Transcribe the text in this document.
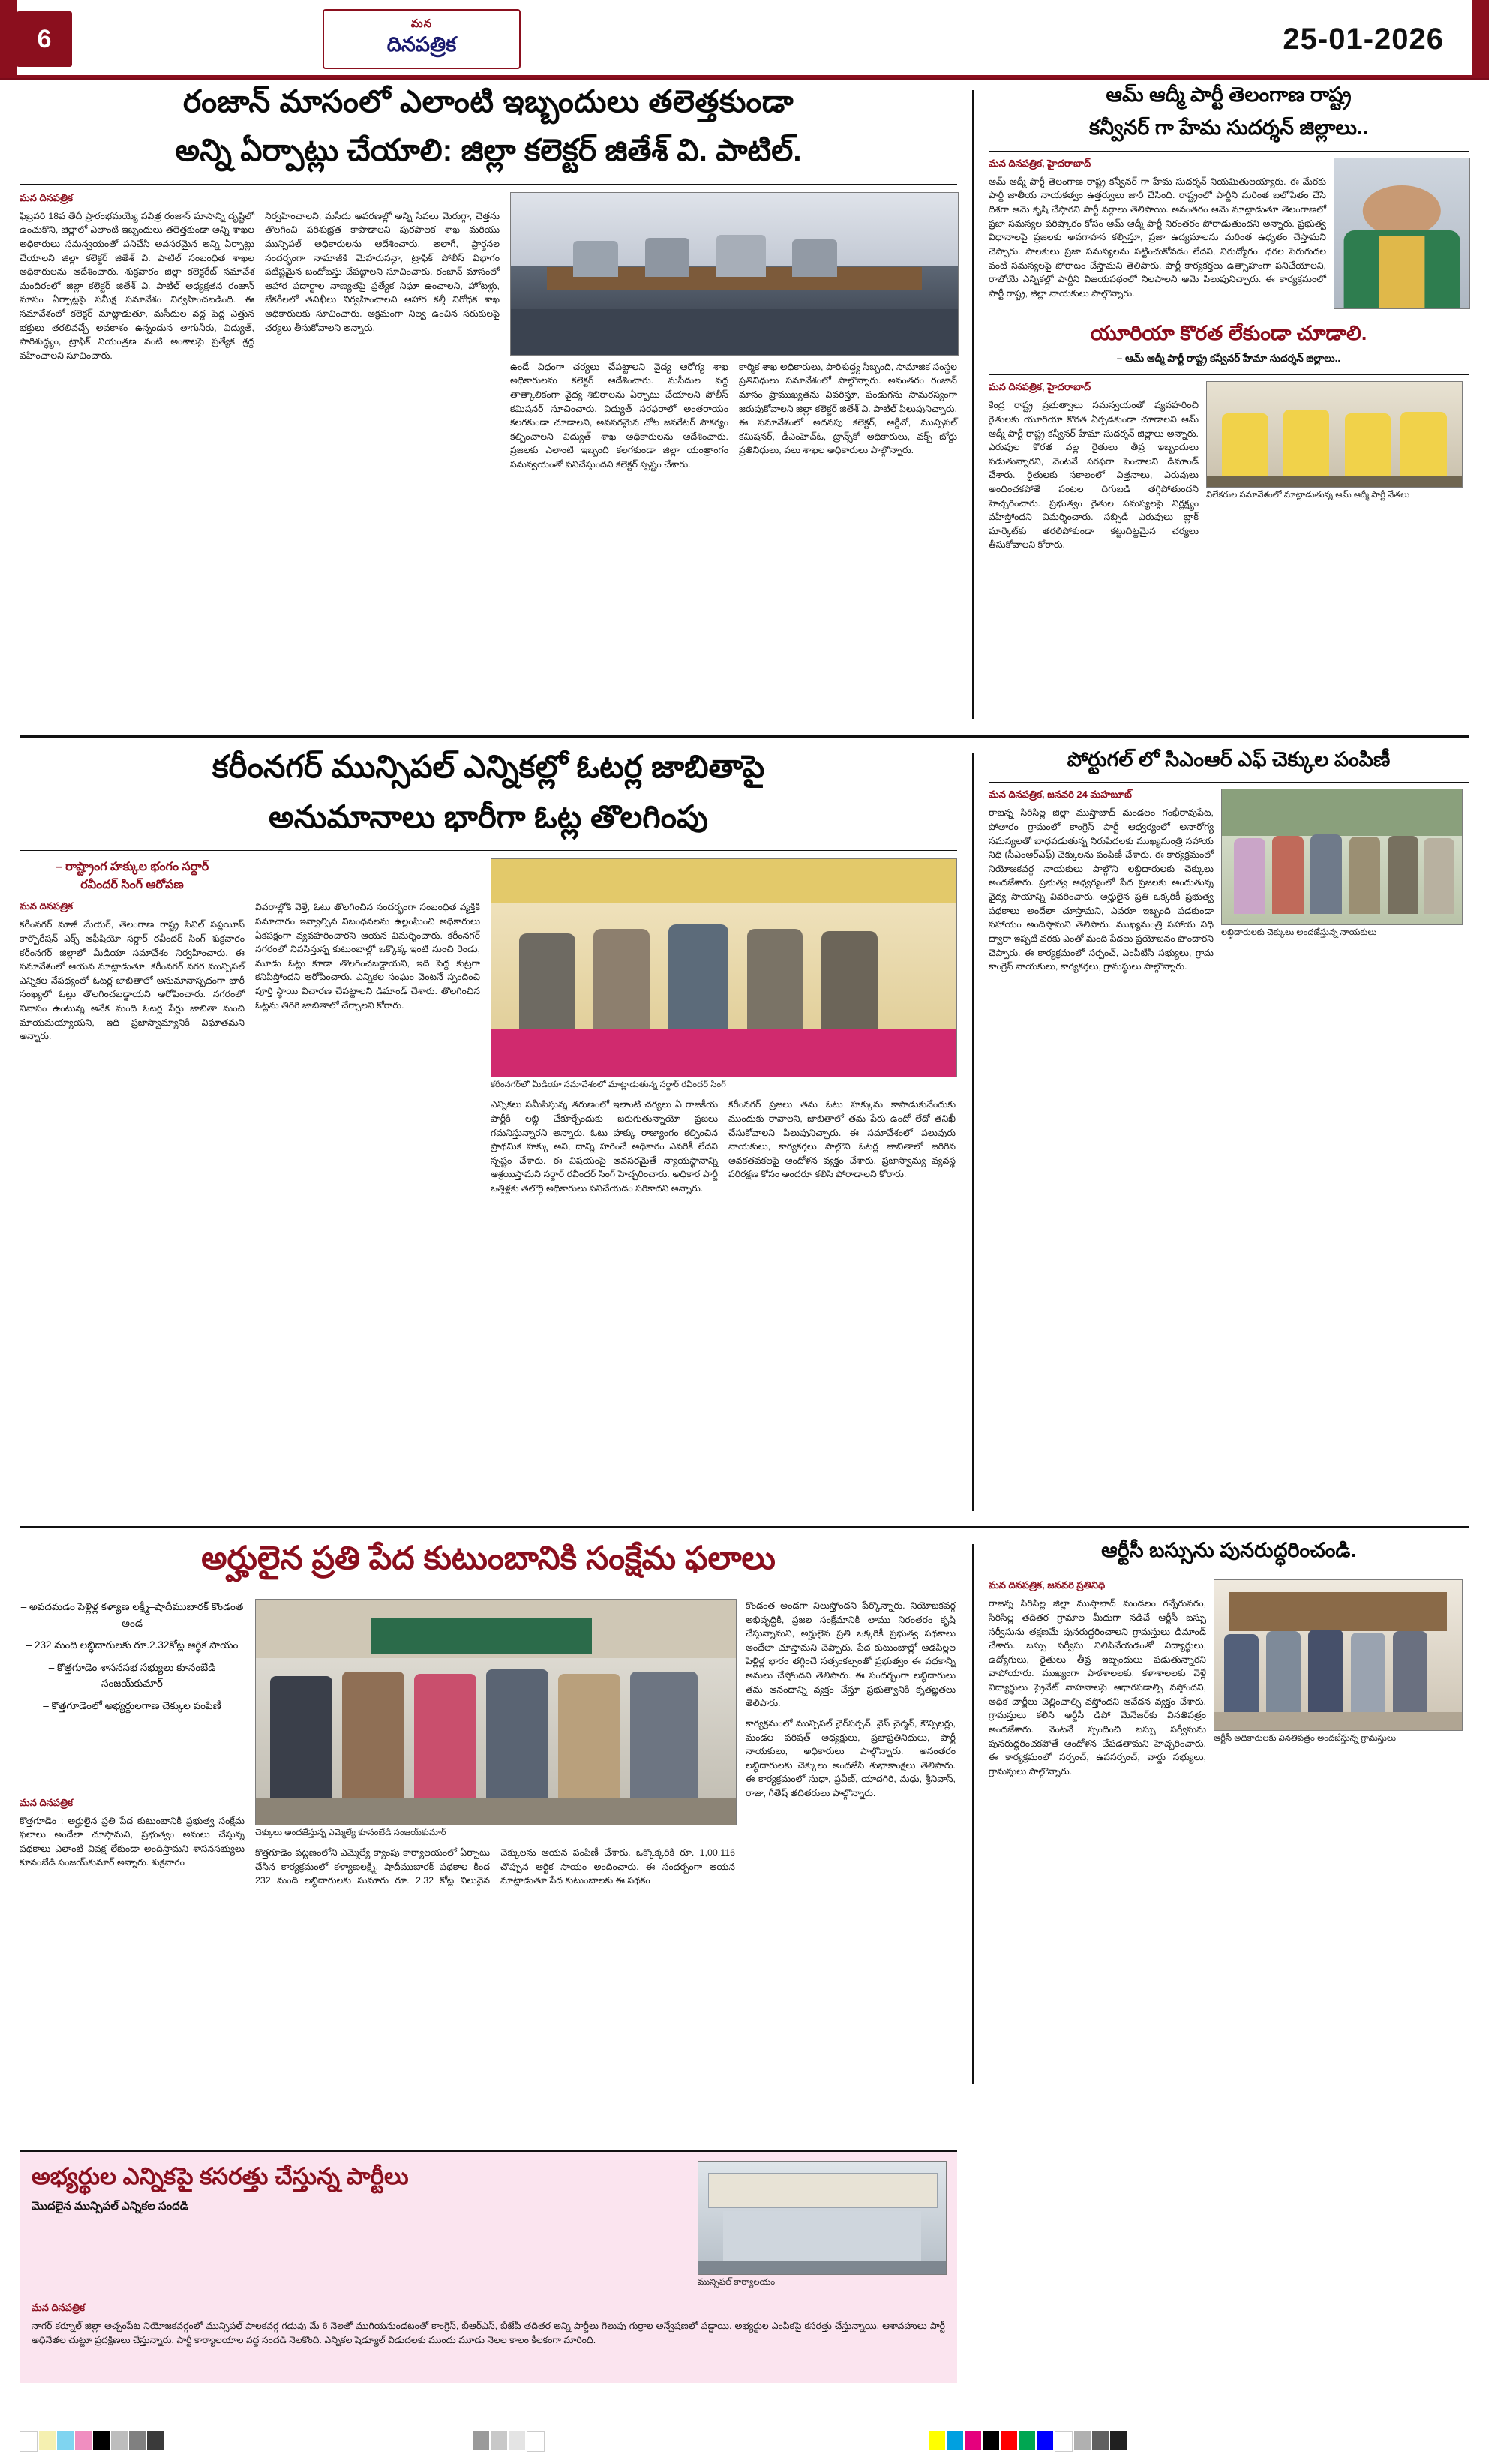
6
మన
దినపత్రిక	25-01-2026
రంజాన్ మాసంలో ఎలాంటి ఇబ్బందులు తలెత్తకుండా
అన్ని ఏర్పాట్లు చేయాలి: జిల్లా కలెక్టర్ జితేశ్ వి. పాటిల్.
మన దినపత్రిక

ఫిబ్రవరి 18వ తేదీ ప్రారంభమయ్యే పవిత్ర రంజాన్ మాసాన్ని దృష్టిలో ఉంచుకొని, జిల్లాలో ఎలాంటి ఇబ్బందులు తలెత్తకుండా అన్ని శాఖల అధికారులు సమన్వయంతో పనిచేసి అవసరమైన అన్ని ఏర్పాట్లు చేయాలని జిల్లా కలెక్టర్ జితేశ్ వి. పాటిల్ సంబంధిత శాఖల అధికారులను ఆదేశించారు. శుక్రవారం జిల్లా కలెక్టరేట్ సమావేశ మందిరంలో జిల్లా కలెక్టర్ జితేశ్ వి. పాటిల్ అధ్యక్షతన రంజాన్ మాసం ఏర్పాట్లపై సమీక్ష సమావేశం నిర్వహించబడింది. ఈ సమావేశంలో కలెక్టర్ మాట్లాడుతూ, మసీదుల వద్ద పెద్ద ఎత్తున భక్తులు తరలివచ్చే అవకాశం ఉన్నందున తాగునీరు, విద్యుత్, పారిశుద్ధ్యం, ట్రాఫిక్ నియంత్రణ వంటి అంశాలపై ప్రత్యేక శ్రద్ధ వహించాలని సూచించారు.

నిర్వహించాలని, మసీదు ఆవరణల్లో అన్ని సేవలు మెరుగ్గా, చెత్తను తొలగించి పరిశుభ్రత కాపాడాలని పురపాలక శాఖ మరియు మున్సిపల్ అధికారులను ఆదేశించారు. అలాగే, ప్రార్థనల సందర్భంగా నామాజీకి మెహరుసన్గా, ట్రాఫిక్ పోలీస్ విభాగం పటిష్టమైన బందోబస్తు చేపట్టాలని సూచించారు. రంజాన్ మాసంలో ఆహార పదార్థాల నాణ్యతపై ప్రత్యేక నిఘా ఉంచాలని, హోటళ్లు, బేకరీలలో తనిఖీలు నిర్వహించాలని ఆహార కల్తీ నిరోధక శాఖ అధికారులకు సూచించారు. అక్రమంగా నిల్వ ఉంచిన సరుకులపై చర్యలు తీసుకోవాలని అన్నారు.

ఉండే విధంగా చర్యలు చేపట్టాలని వైద్య ఆరోగ్య శాఖ అధికారులను కలెక్టర్ ఆదేశించారు. మసీదుల వద్ద తాత్కాలికంగా వైద్య శిబిరాలను ఏర్పాటు చేయాలని పోలీస్ కమిషనర్ సూచించారు. విద్యుత్ సరఫరాలో అంతరాయం కలగకుండా చూడాలని, అవసరమైన చోట జనరేటర్ సౌకర్యం కల్పించాలని విద్యుత్ శాఖ అధికారులను ఆదేశించారు. ప్రజలకు ఎలాంటి ఇబ్బంది కలగకుండా జిల్లా యంత్రాంగం సమన్వయంతో పనిచేస్తుందని కలెక్టర్ స్పష్టం చేశారు.

కార్మిక శాఖ అధికారులు, పారిశుద్ధ్య సిబ్బంది, సామాజిక సంస్థల ప్రతినిధులు సమావేశంలో పాల్గొన్నారు. అనంతరం రంజాన్ మాసం ప్రాముఖ్యతను వివరిస్తూ, పండుగను సామరస్యంగా జరుపుకోవాలని జిల్లా కలెక్టర్ జితేశ్ వి. పాటిల్ పిలుపునిచ్చారు. ఈ సమావేశంలో అదనపు కలెక్టర్, ఆర్డీవో, మున్సిపల్ కమిషనర్, డీఎంహెచ్ఓ, ట్రాన్స్‌కో అధికారులు, వక్ఫ్ బోర్డు ప్రతినిధులు, పలు శాఖల అధికారులు పాల్గొన్నారు.

ఆమ్ ఆద్మీ పార్టీ తెలంగాణ రాష్ట్ర
కన్వీనర్ గా హేమ సుదర్శన్ జిల్లాలు..
మన దినపత్రిక, హైదరాబాద్
ఆమ్ ఆద్మీ పార్టీ తెలంగాణ రాష్ట్ర కన్వీనర్ గా హేమ సుదర్శన్ నియమితులయ్యారు. ఈ మేరకు పార్టీ జాతీయ నాయకత్వం ఉత్తర్వులు జారీ చేసింది. రాష్ట్రంలో పార్టీని మరింత బలోపేతం చేసే దిశగా ఆమె కృషి చేస్తారని పార్టీ వర్గాలు తెలిపాయి. అనంతరం ఆమె మాట్లాడుతూ తెలంగాణలో ప్రజా సమస్యల పరిష్కారం కోసం ఆమ్ ఆద్మీ పార్టీ నిరంతరం పోరాడుతుందని అన్నారు. ప్రభుత్వ విధానాలపై ప్రజలకు అవగాహన కల్పిస్తూ, ప్రజా ఉద్యమాలను మరింత ఉధృతం చేస్తామని చెప్పారు. పాలకులు ప్రజా సమస్యలను పట్టించుకోవడం లేదని, నిరుద్యోగం, ధరల పెరుగుదల వంటి సమస్యలపై పోరాటం చేస్తామని తెలిపారు. పార్టీ కార్యకర్తలు ఉత్సాహంగా పనిచేయాలని, రాబోయే ఎన్నికల్లో పార్టీని విజయపథంలో నిలపాలని ఆమె పిలుపునిచ్చారు. ఈ కార్యక్రమంలో పార్టీ రాష్ట్ర, జిల్లా నాయకులు పాల్గొన్నారు.
యూరియా కొరత లేకుండా చూడాలి.
– ఆమ్ ఆద్మీ పార్టీ రాష్ట్ర కన్వీనర్ హేమా సుదర్శన్ జిల్లాలు..
మన దినపత్రిక, హైదరాబాద్
కేంద్ర రాష్ట్ర ప్రభుత్వాలు సమన్వయంతో వ్యవహరించి రైతులకు యూరియా కొరత ఏర్పడకుండా చూడాలని ఆమ్ ఆద్మీ పార్టీ రాష్ట్ర కన్వీనర్ హేమా సుదర్శన్ జిల్లాలు అన్నారు. ఎరువుల కొరత వల్ల రైతులు తీవ్ర ఇబ్బందులు పడుతున్నారని, వెంటనే సరఫరా పెంచాలని డిమాండ్ చేశారు. రైతులకు సకాలంలో విత్తనాలు, ఎరువులు అందించకపోతే పంటల దిగుబడి తగ్గిపోతుందని హెచ్చరించారు. ప్రభుత్వం రైతుల సమస్యలపై నిర్లక్ష్యం వహిస్తోందని విమర్శించారు. సబ్సిడీ ఎరువులు బ్లాక్ మార్కెట్‌కు తరలిపోకుండా కట్టుదిట్టమైన చర్యలు తీసుకోవాలని కోరారు.
విలేకరుల సమావేశంలో మాట్లాడుతున్న ఆమ్ ఆద్మీ పార్టీ నేతలు
కరీంనగర్ మున్సిపల్ ఎన్నికల్లో ఓటర్ల జాబితాపై
అనుమానాలు భారీగా ఓట్ల తొలగింపు
– రాష్ట్రాంగ హక్కుల భంగం సర్దార్
రవీందర్ సింగ్ ఆరోపణ
మన దినపత్రిక
కరీంనగర్ మాజీ మేయర్, తెలంగాణ రాష్ట్ర సివిల్ సప్లయీస్ కార్పొరేషన్ ఎక్స్ ఆఫీషియో సర్దార్ రవీందర్ సింగ్ శుక్రవారం కరీంనగర్ జిల్లాలో మీడియా సమావేశం నిర్వహించారు. ఈ సమావేశంలో ఆయన మాట్లాడుతూ, కరీంనగర్ నగర మున్సిపల్ ఎన్నికల నేపథ్యంలో ఓటర్ల జాబితాలో అనుమానాస్పదంగా భారీ సంఖ్యలో ఓట్లు తొలగించబడ్డాయని ఆరోపించారు. నగరంలో నివాసం ఉంటున్న అనేక మంది ఓటర్ల పేర్లు జాబితా నుంచి మాయమయ్యాయని, ఇది ప్రజాస్వామ్యానికి విఘాతమని అన్నారు.
వివరాల్లోకి వెళ్తే, ఓటు తొలగించిన సందర్భంగా సంబంధిత వ్యక్తికి సమాచారం ఇవ్వాల్సిన నిబంధనలను ఉల్లంఘించి అధికారులు ఏకపక్షంగా వ్యవహరించారని ఆయన విమర్శించారు. కరీంనగర్ నగరంలో నివసిస్తున్న కుటుంబాల్లో ఒక్కొక్క ఇంటి నుంచి రెండు, మూడు ఓట్లు కూడా తొలగించబడ్డాయని, ఇది పెద్ద కుట్రగా కనిపిస్తోందని ఆరోపించారు. ఎన్నికల సంఘం వెంటనే స్పందించి పూర్తి స్థాయి విచారణ చేపట్టాలని డిమాండ్ చేశారు. తొలగించిన ఓట్లను తిరిగి జాబితాలో చేర్చాలని కోరారు.
కరీంనగర్‌లో మీడియా సమావేశంలో మాట్లాడుతున్న సర్దార్ రవీందర్ సింగ్

ఎన్నికలు సమీపిస్తున్న తరుణంలో ఇలాంటి చర్యలు ఏ రాజకీయ పార్టీకి లబ్ధి చేకూర్చేందుకు జరుగుతున్నాయో ప్రజలు గమనిస్తున్నారని అన్నారు. ఓటు హక్కు రాజ్యాంగం కల్పించిన ప్రాథమిక హక్కు అని, దాన్ని హరించే అధికారం ఎవరికీ లేదని స్పష్టం చేశారు. ఈ విషయంపై అవసరమైతే న్యాయస్థానాన్ని ఆశ్రయిస్తామని సర్దార్ రవీందర్ సింగ్ హెచ్చరించారు. అధికార పార్టీ ఒత్తిళ్లకు తలొగ్గి అధికారులు పనిచేయడం సరికాదని అన్నారు.

కరీంనగర్ ప్రజలు తమ ఓటు హక్కును కాపాడుకునేందుకు ముందుకు రావాలని, జాబితాలో తమ పేరు ఉందో లేదో తనిఖీ చేసుకోవాలని పిలుపునిచ్చారు. ఈ సమావేశంలో పలువురు నాయకులు, కార్యకర్తలు పాల్గొని ఓటర్ల జాబితాలో జరిగిన అవకతవకలపై ఆందోళన వ్యక్తం చేశారు. ప్రజాస్వామ్య వ్యవస్థ పరిరక్షణ కోసం అందరూ కలిసి పోరాడాలని కోరారు.

పోర్టుగల్ లో సిఎంఆర్ ఎఫ్ చెక్కుల పంపిణీ
మన దినపత్రిక, జనవరి 24 మహబూబ్
రాజన్న సిరిసిల్ల జిల్లా ముస్తాబాద్ మండలం గంభీరావుపేట, పోతారం గ్రామంలో కాంగ్రెస్ పార్టీ ఆధ్వర్యంలో అనారోగ్య సమస్యలతో బాధపడుతున్న నిరుపేదలకు ముఖ్యమంత్రి సహాయ నిధి (సీఎంఆర్ఎఫ్) చెక్కులను పంపిణీ చేశారు. ఈ కార్యక్రమంలో నియోజకవర్గ నాయకులు పాల్గొని లబ్ధిదారులకు చెక్కులు అందజేశారు. ప్రభుత్వ ఆధ్వర్యంలో పేద ప్రజలకు అందుతున్న వైద్య సాయాన్ని వివరించారు. అర్హులైన ప్రతి ఒక్కరికీ ప్రభుత్వ పథకాలు అందేలా చూస్తామని, ఎవరూ ఇబ్బంది పడకుండా సహాయం అందిస్తామని తెలిపారు. ముఖ్యమంత్రి సహాయ నిధి ద్వారా ఇప్పటి వరకు ఎంతో మంది పేదలు ప్రయోజనం పొందారని చెప్పారు. ఈ కార్యక్రమంలో సర్పంచ్, ఎంపీటీసీ సభ్యులు, గ్రామ కాంగ్రెస్ నాయకులు, కార్యకర్తలు, గ్రామస్థులు పాల్గొన్నారు.
లబ్ధిదారులకు చెక్కులు అందజేస్తున్న నాయకులు
అర్హులైన ప్రతి పేద కుటుంబానికి సంక్షేమ ఫలాలు
– అవదమడం పెళ్లిళ్ల కళ్యాణ లక్ష్మీ–షాదీముబారక్ కొండంత అండ
– 232 మంది లబ్ధిదారులకు రూ.2.32కోట్ల ఆర్థిక సాయం
– కొత్తగూడెం శాసనసభ సభ్యులు కూనంబేడి సంజయ్‌కుమార్
– కొత్తగూడెంలో అభ్యర్థులగాణ చెక్కుల పంపిణీ
మన దినపత్రిక
కొత్తగూడెం : అర్హులైన ప్రతి పేద కుటుంబానికి ప్రభుత్వ సంక్షేమ ఫలాలు అందేలా చూస్తామని, ప్రభుత్వం అమలు చేస్తున్న పథకాలు ఎలాంటి వివక్ష లేకుండా అందిస్తామని శాసనసభ్యులు కూనంబేడి సంజయ్‌కుమార్ అన్నారు. శుక్రవారం
చెక్కులు అందజేస్తున్న ఎమ్మెల్యే కూనంబేడి సంజయ్‌కుమార్

కొత్తగూడెం పట్టణంలోని ఎమ్మెల్యే క్యాంపు కార్యాలయంలో ఏర్పాటు చేసిన కార్యక్రమంలో కళ్యాణలక్ష్మీ, షాదీముబారక్ పథకాల కింద 232 మంది లబ్ధిదారులకు సుమారు రూ. 2.32 కోట్ల విలువైన చెక్కులను ఆయన పంపిణీ చేశారు. ఒక్కొక్కరికి రూ. 1,00,116 చొప్పున ఆర్థిక సాయం అందించారు. ఈ సందర్భంగా ఆయన మాట్లాడుతూ పేద కుటుంబాలకు ఈ పథకం

కొండంత అండగా నిలుస్తోందని పేర్కొన్నారు. నియోజకవర్గ అభివృద్ధికి, ప్రజల సంక్షేమానికి తాము నిరంతరం కృషి చేస్తున్నామని, అర్హులైన ప్రతి ఒక్కరికీ ప్రభుత్వ పథకాలు అందేలా చూస్తామని చెప్పారు. పేద కుటుంబాల్లో ఆడపిల్లల పెళ్లిళ్ల భారం తగ్గించే సత్సంకల్పంతో ప్రభుత్వం ఈ పథకాన్ని అమలు చేస్తోందని తెలిపారు. ఈ సందర్భంగా లబ్ధిదారులు తమ ఆనందాన్ని వ్యక్తం చేస్తూ ప్రభుత్వానికి కృతజ్ఞతలు తెలిపారు.
కార్యక్రమంలో మున్సిపల్ చైర్‌పర్సన్, వైస్ చైర్మన్, కౌన్సిలర్లు, మండల పరిషత్ అధ్యక్షులు, ప్రజాప్రతినిధులు, పార్టీ నాయకులు, అధికారులు పాల్గొన్నారు. అనంతరం లబ్ధిదారులకు చెక్కులు అందజేసి శుభాకాంక్షలు తెలిపారు. ఈ కార్యక్రమంలో సుధా, ప్రవీణ్, యాదగిరి, మధు, శ్రీనివాస్, రాజు, గీతేష్ తదితరులు పాల్గొన్నారు.
ఆర్టీసీ బస్సును పునరుద్ధరించండి.
మన దినపత్రిక, జనవరి ప్రతినిధి
రాజన్న సిరిసిల్ల జిల్లా ముస్తాబాద్ మండలం గన్నేరువరం, సిరిసిల్ల తదితర గ్రామాల మీదుగా నడిచే ఆర్టీసీ బస్సు సర్వీసును తక్షణమే పునరుద్ధరించాలని గ్రామస్తులు డిమాండ్ చేశారు. బస్సు సర్వీసు నిలిపివేయడంతో విద్యార్థులు, ఉద్యోగులు, రైతులు తీవ్ర ఇబ్బందులు పడుతున్నారని వాపోయారు. ముఖ్యంగా పాఠశాలలకు, కళాశాలలకు వెళ్లే విద్యార్థులు ప్రైవేట్ వాహనాలపై ఆధారపడాల్సి వస్తోందని, అధిక చార్జీలు చెల్లించాల్సి వస్తోందని ఆవేదన వ్యక్తం చేశారు. గ్రామస్తులు కలిసి ఆర్టీసీ డిపో మేనేజర్‌కు వినతిపత్రం అందజేశారు. వెంటనే స్పందించి బస్సు సర్వీసును పునరుద్ధరించకపోతే ఆందోళన చేపడతామని హెచ్చరించారు. ఈ కార్యక్రమంలో సర్పంచ్, ఉపసర్పంచ్, వార్డు సభ్యులు, గ్రామస్తులు పాల్గొన్నారు.
ఆర్టీసీ అధికారులకు వినతిపత్రం అందజేస్తున్న గ్రామస్తులు
అభ్యర్థుల ఎన్నికపై కసరత్తు చేస్తున్న పార్టీలు
మొదలైన మున్సిపల్ ఎన్నికల సందడి
మున్సిపల్ కార్యాలయం
మన దినపత్రిక
నాగర్ కర్నూల్ జిల్లా అచ్చంపేట నియోజకవర్గంలో మున్సిపల్ పాలకవర్గ గడువు మే 6 నెలతో ముగియనుండటంతో కాంగ్రెస్, బీఆర్ఎస్, బీజేపీ తదితర అన్ని పార్టీలు గెలుపు గుర్రాల అన్వేషణలో పడ్డాయి. అభ్యర్థుల ఎంపికపై కసరత్తు చేస్తున్నాయి. ఆశావహులు పార్టీ అధినేతల చుట్టూ ప్రదక్షిణలు చేస్తున్నారు. పార్టీ కార్యాలయాల వద్ద సందడి నెలకొంది. ఎన్నికల షెడ్యూల్ విడుదలకు ముందు మూడు నెలల కాలం కీలకంగా మారింది.
